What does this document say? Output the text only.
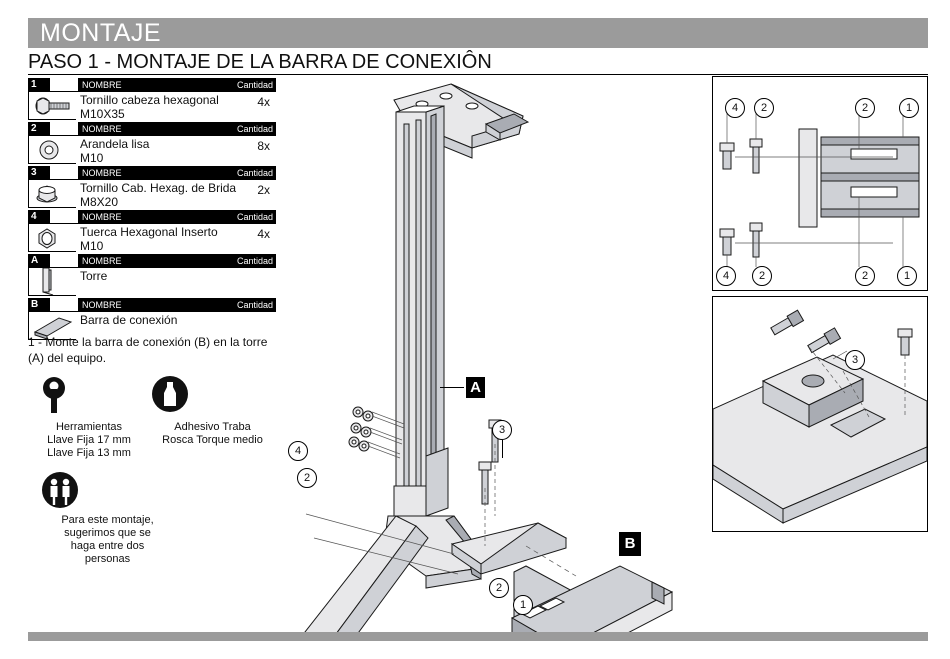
MONTAJE
PASO 1 - MONTAJE DE LA BARRA DE CONEXIÔN
1	NOMBRE	Cantidad
Tornillo cabeza hexagonal
M10X35
4x
2	NOMBRE	Cantidad
Arandela lisa
M10
8x
3	NOMBRE	Cantidad
Tornillo Cab. Hexag. de Brida
M8X20
2x
4	NOMBRE	Cantidad
Tuerca Hexagonal Inserto
M10
4x
A	NOMBRE	Cantidad
Torre
B	NOMBRE	Cantidad
Barra de conexión
1 - Monte la barra de conexión (B) en la torre (A) del equipo.
Herramientas
Llave Fija 17 mm
Llave Fija 13 mm
Adhesivo Traba
Rosca Torque medio
Para este montaje,
sugerimos que se
haga entre dos
personas
A
B
3
4
2
2
1
4	2	2	1
4	2	2	1
3
